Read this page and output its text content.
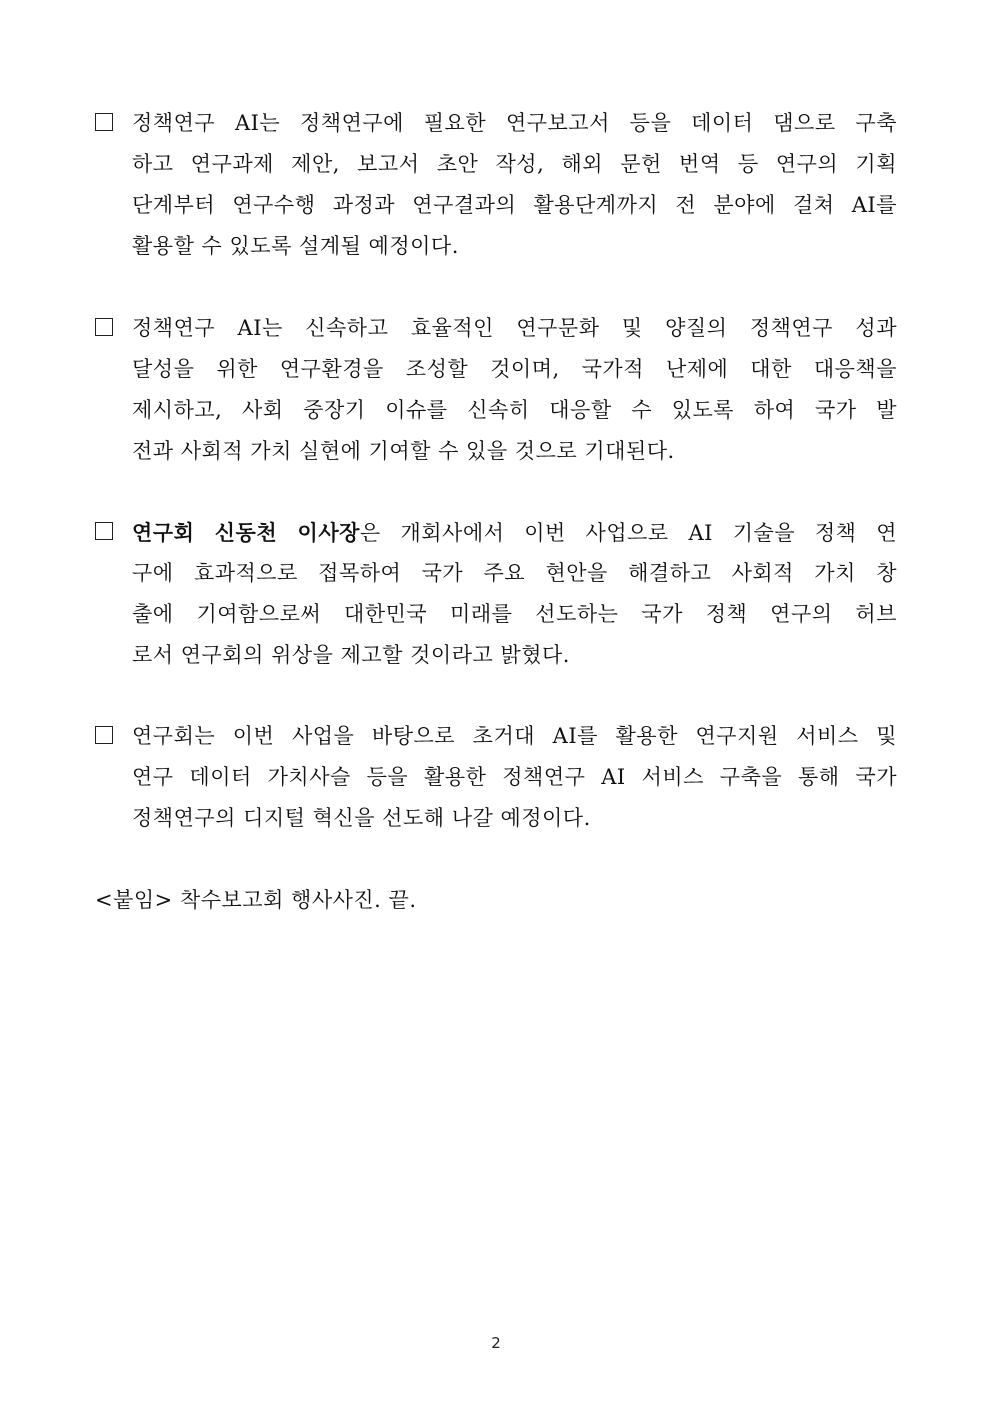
정책연구 AI는 정책연구에 필요한 연구보고서 등을 데이터 댐으로 구축
하고 연구과제 제안, 보고서 초안 작성, 해외 문헌 번역 등 연구의 기획
단계부터 연구수행 과정과 연구결과의 활용단계까지 전 분야에 걸쳐 AI를
활용할 수 있도록 설계될 예정이다.
정책연구 AI는 신속하고 효율적인 연구문화 및 양질의 정책연구 성과
달성을 위한 연구환경을 조성할 것이며, 국가적 난제에 대한 대응책을
제시하고, 사회 중장기 이슈를 신속히 대응할 수 있도록 하여 국가 발
전과 사회적 가치 실현에 기여할 수 있을 것으로 기대된다.
연구회 신동천 이사장은 개회사에서 이번 사업으로 AI 기술을 정책 연
구에 효과적으로 접목하여 국가 주요 현안을 해결하고 사회적 가치 창
출에 기여함으로써 대한민국 미래를 선도하는 국가 정책 연구의 허브
로서 연구회의 위상을 제고할 것이라고 밝혔다.
연구회는 이번 사업을 바탕으로 초거대 AI를 활용한 연구지원 서비스 및
연구 데이터 가치사슬 등을 활용한 정책연구 AI 서비스 구축을 통해 국가
정책연구의 디지털 혁신을 선도해 나갈 예정이다.
<붙임> 착수보고회 행사사진. 끝.
2
